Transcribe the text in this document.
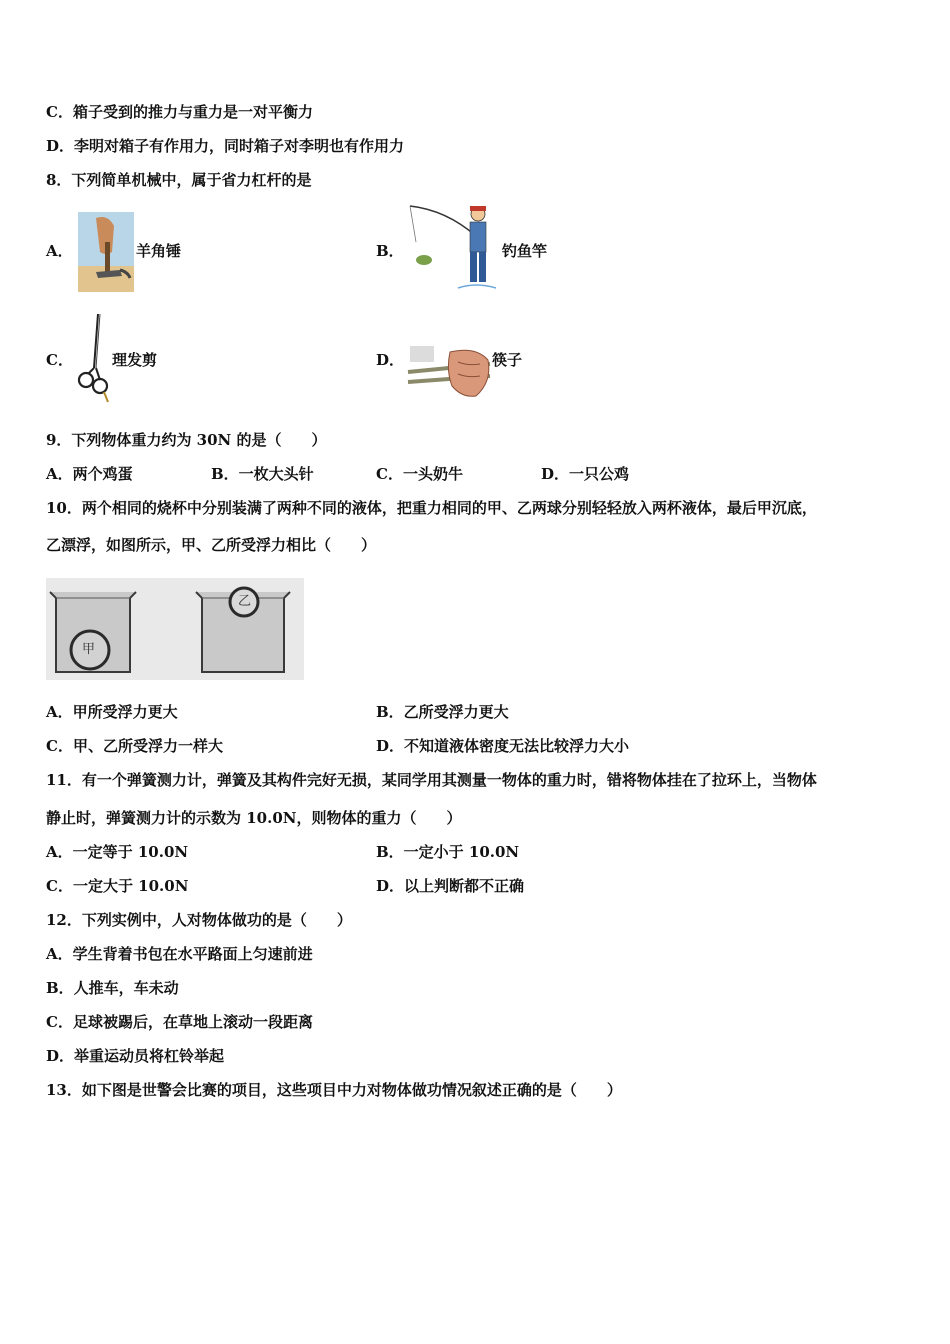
C．箱子受到的推力与重力是一对平衡力
D．李明对箱子有作用力，同时箱子对李明也有作用力
8．下列简单机械中，属于省力杠杆的是
A．	羊角锤	B．	钓鱼竿
C．	理发剪	D．	筷子
9．下列物体重力约为 30N 的是（　　）
A．两个鸡蛋	B．一枚大头针	C．一头奶牛	D．一只公鸡
10．两个相同的烧杯中分别装满了两种不同的液体，把重力相同的甲、乙两球分别轻轻放入两杯液体，最后甲沉底，
乙漂浮，如图所示，甲、乙所受浮力相比（　　）
甲
乙
A．甲所受浮力更大	B．乙所受浮力更大
C．甲、乙所受浮力一样大	D．不知道液体密度无法比较浮力大小
11．有一个弹簧测力计，弹簧及其构件完好无损，某同学用其测量一物体的重力时，错将物体挂在了拉环上，当物体
静止时，弹簧测力计的示数为 10.0N，则物体的重力（　　）
A．一定等于 10.0N	B．一定小于 10.0N
C．一定大于 10.0N	D．以上判断都不正确
12．下列实例中，人对物体做功的是（　　）
A．学生背着书包在水平路面上匀速前进
B．人推车，车未动
C．足球被踢后，在草地上滚动一段距离
D．举重运动员将杠铃举起
13．如下图是世警会比赛的项目，这些项目中力对物体做功情况叙述正确的是（　　）
